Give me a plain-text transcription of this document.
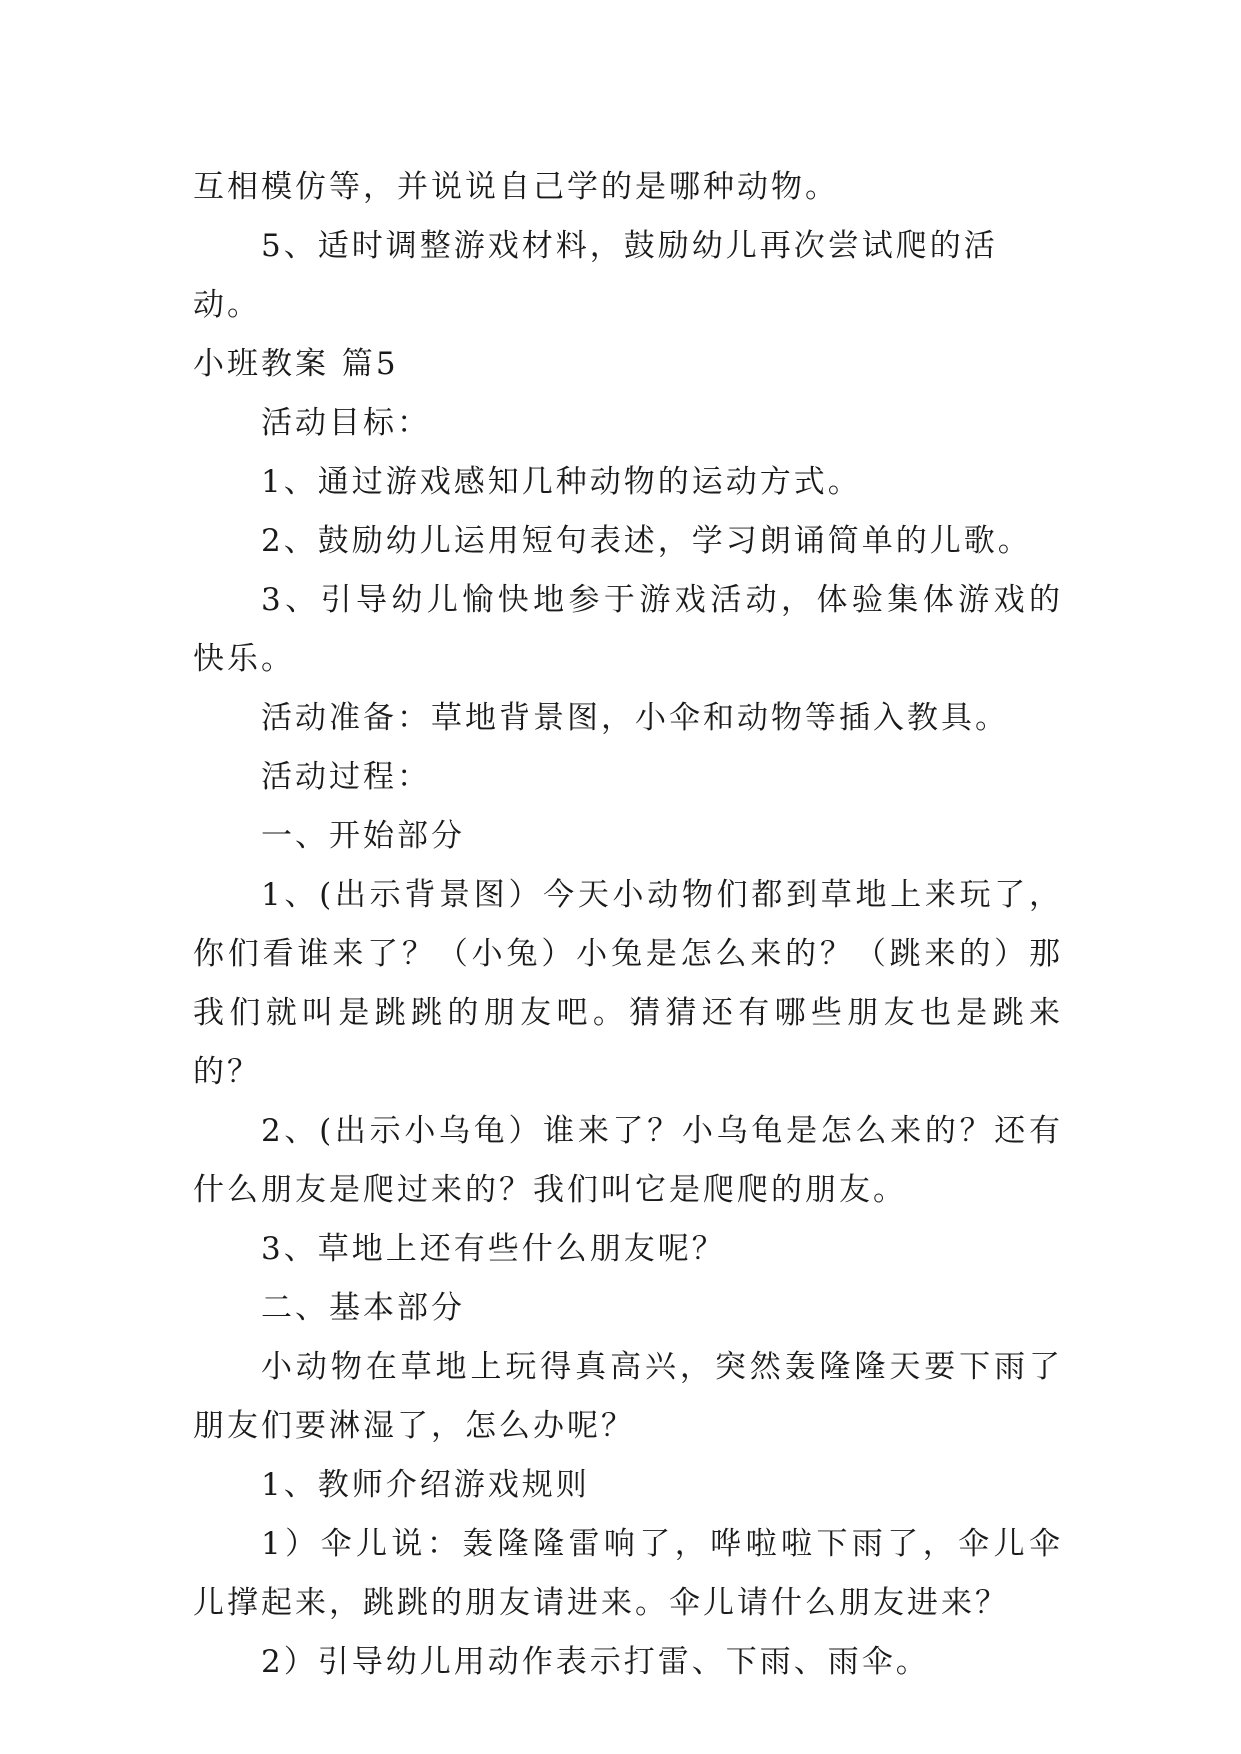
互相模仿等，并说说自己学的是哪种动物。

5、适时调整游戏材料，鼓励幼儿再次尝试爬的活动。

小班教案 篇5

活动目标：

1、通过游戏感知几种动物的运动方式。

2、鼓励幼儿运用短句表述，学习朗诵简单的儿歌。

3、引导幼儿愉快地参于游戏活动，体验集体游戏的快乐。

活动准备：草地背景图，小伞和动物等插入教具。

活动过程：

一、开始部分

1、(出示背景图）今天小动物们都到草地上来玩了，你们看谁来了？（小兔）小兔是怎么来的？（跳来的）那我们就叫是跳跳的朋友吧。猜猜还有哪些朋友也是跳来的？

2、(出示小乌龟）谁来了？小乌龟是怎么来的？还有什么朋友是爬过来的？我们叫它是爬爬的朋友。

3、草地上还有些什么朋友呢？

二、基本部分

小动物在草地上玩得真高兴，突然轰隆隆天要下雨了朋友们要淋湿了，怎么办呢？

1、教师介绍游戏规则

1）伞儿说：轰隆隆雷响了，哗啦啦下雨了，伞儿伞儿撑起来，跳跳的朋友请进来。伞儿请什么朋友进来？

2）引导幼儿用动作表示打雷、下雨、雨伞。
